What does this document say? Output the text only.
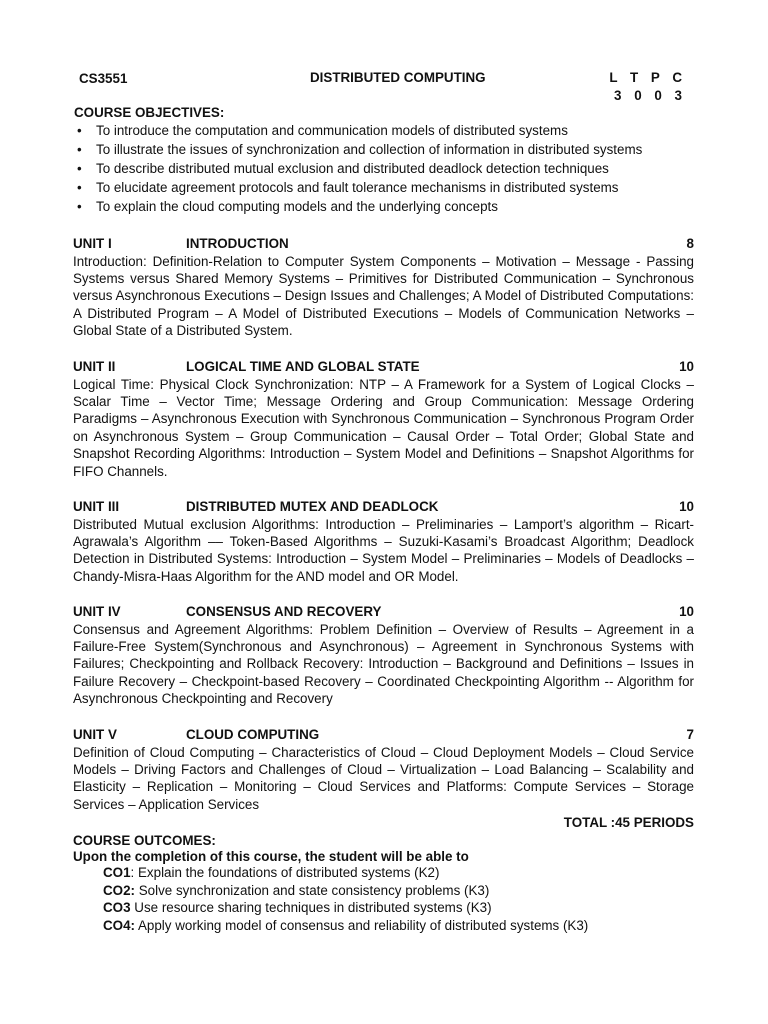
CS3551	DISTRIBUTED COMPUTING	L T P C
3 0 0 3
COURSE OBJECTIVES:
• To introduce the computation and communication models of distributed systems
• To illustrate the issues of synchronization and collection of information in distributed systems
• To describe distributed mutual exclusion and distributed deadlock detection techniques
• To elucidate agreement protocols and fault tolerance mechanisms in distributed systems
• To explain the cloud computing models and the underlying concepts
UNIT I	INTRODUCTION	8
Introduction: Definition-Relation to Computer System Components – Motivation – Message - Passing Systems versus Shared Memory Systems – Primitives for Distributed Communication – Synchronous versus Asynchronous Executions – Design Issues and Challenges; A Model of Distributed Computations: A Distributed Program – A Model of Distributed Executions – Models of Communication Networks – Global State of a Distributed System.
UNIT II	LOGICAL TIME AND GLOBAL STATE	10
Logical Time: Physical Clock Synchronization: NTP – A Framework for a System of Logical Clocks – Scalar Time – Vector Time; Message Ordering and Group Communication: Message Ordering Paradigms – Asynchronous Execution with Synchronous Communication – Synchronous Program Order on Asynchronous System – Group Communication – Causal Order – Total Order; Global State and Snapshot Recording Algorithms: Introduction – System Model and Definitions – Snapshot Algorithms for FIFO Channels.
UNIT III	DISTRIBUTED MUTEX AND DEADLOCK	10
Distributed Mutual exclusion Algorithms: Introduction – Preliminaries – Lamport’s algorithm – Ricart- Agrawala’s Algorithm –– Token-Based Algorithms – Suzuki-Kasami’s Broadcast Algorithm; Deadlock Detection in Distributed Systems: Introduction – System Model – Preliminaries – Models of Deadlocks – Chandy-Misra-Haas Algorithm for the AND model and OR Model.
UNIT IV	CONSENSUS AND RECOVERY	10
Consensus and Agreement Algorithms: Problem Definition – Overview of Results – Agreement in a Failure-Free System(Synchronous and Asynchronous) – Agreement in Synchronous Systems with Failures; Checkpointing and Rollback Recovery: Introduction – Background and Definitions – Issues in Failure Recovery – Checkpoint-based Recovery – Coordinated Checkpointing Algorithm -- Algorithm for Asynchronous Checkpointing and Recovery
UNIT V	CLOUD COMPUTING	7
Definition of Cloud Computing – Characteristics of Cloud – Cloud Deployment Models – Cloud Service Models – Driving Factors and Challenges of Cloud – Virtualization – Load Balancing – Scalability and Elasticity – Replication – Monitoring – Cloud Services and Platforms: Compute Services – Storage Services – Application Services
TOTAL :45 PERIODS
COURSE OUTCOMES:
Upon the completion of this course, the student will be able to
CO1: Explain the foundations of distributed systems (K2)
CO2: Solve synchronization and state consistency problems (K3)
CO3 Use resource sharing techniques in distributed systems (K3)
CO4: Apply working model of consensus and reliability of distributed systems (K3)
